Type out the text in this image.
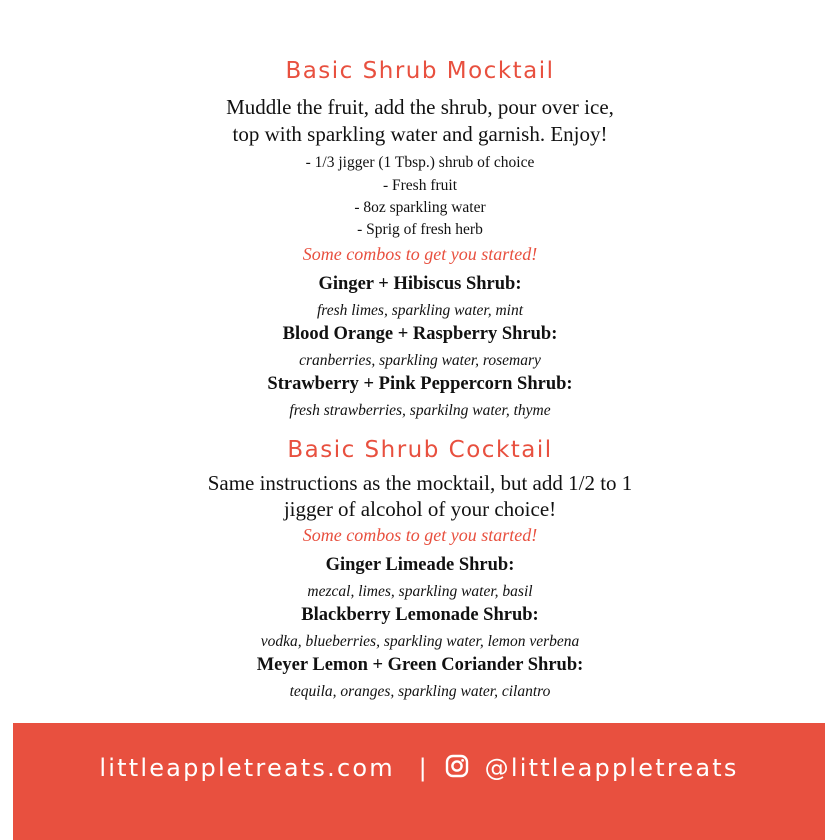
Basic Shrub Mocktail
Muddle the fruit, add the shrub, pour over ice,
top with sparkling water and garnish. Enjoy!
- 1/3 jigger (1 Tbsp.) shrub of choice
- Fresh fruit
- 8oz sparkling water
- Sprig of fresh herb
Some combos to get you started!
Ginger + Hibiscus Shrub:
fresh limes, sparkling water, mint
Blood Orange + Raspberry Shrub:
cranberries, sparkling water, rosemary
Strawberry + Pink Peppercorn Shrub:
fresh strawberries, sparkilng water, thyme
Basic Shrub Cocktail
Same instructions as the mocktail, but add 1/2 to 1
jigger of alcohol of your choice!
Some combos to get you started!
Ginger Limeade Shrub:
mezcal, limes, sparkling water, basil
Blackberry Lemonade Shrub:
vodka, blueberries, sparkling water, lemon verbena
Meyer Lemon + Green Coriander Shrub:
tequila, oranges, sparkling water, cilantro
littleappletreats.com | @littleappletreats
